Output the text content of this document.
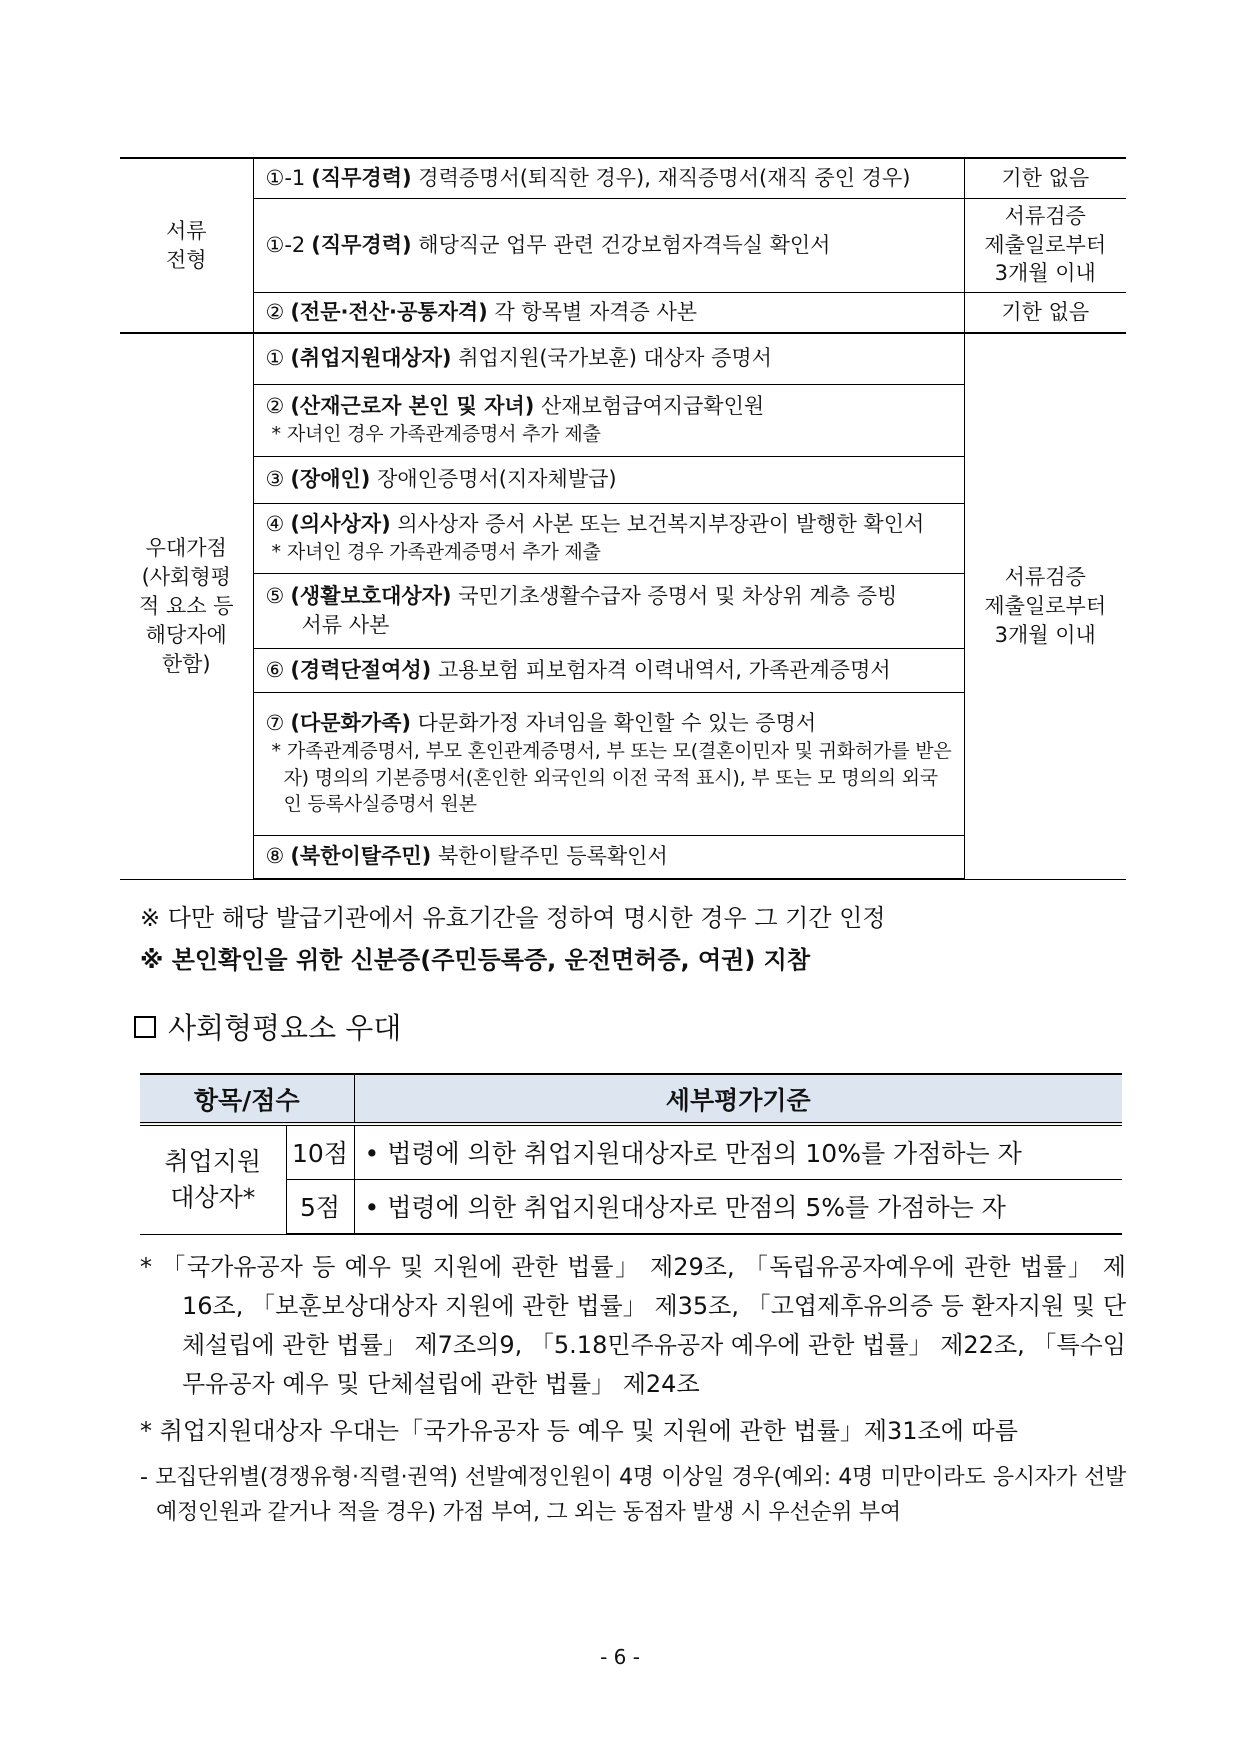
서류
전형	①-1 (직무경력) 경력증명서(퇴직한 경우), 재직증명서(재직 중인 경우)	기한 없음
	①-2 (직무경력) 해당직군 업무 관련 건강보험자격득실 확인서	서류검증
제출일로부터
3개월 이내
	② (전문·전산·공통자격) 각 항목별 자격증 사본	기한 없음
우대가점
(사회형평
적 요소 등
해당자에
한함)	① (취업지원대상자) 취업지원(국가보훈) 대상자 증명서	서류검증
제출일로부터
3개월 이내
	② (산재근로자 본인 및 자녀) 산재보험급여지급확인원
* 자녀인 경우 가족관계증명서 추가 제출	

	③ (장애인) 장애인증명서(지자체발급)	
	④ (의사상자) 의사상자 증서 사본 또는 보건복지부장관이 발행한 확인서
* 자녀인 경우 가족관계증명서 추가 제출	

	⑤ (생활보호대상자) 국민기초생활수급자 증명서 및 차상위 계층 증빙
서류 사본	

	⑥ (경력단절여성) 고용보험 피보험자격 이력내역서, 가족관계증명서	
	⑦ (다문화가족) 다문화가정 자녀임을 확인할 수 있는 증명서
* 가족관계증명서, 부모 혼인관계증명서, 부 또는 모(결혼이민자 및 귀화허가를 받은 자) 명의의 기본증명서(혼인한 외국인의 이전 국적 표시), 부 또는 모 명의의 외국인 등록사실증명서 원본	

	⑧ (북한이탈주민) 북한이탈주민 등록확인서	
※ 다만 해당 발급기관에서 유효기간을 정하여 명시한 경우 그 기간 인정
※ 본인확인을 위한 신분증(주민등록증, 운전면허증, 여권) 지참
사회형평요소 우대
항목/점수		세부평가기준
취업지원
대상자*	10점	• 법령에 의한 취업지원대상자로 만점의 10%를 가점하는 자
	5점	• 법령에 의한 취업지원대상자로 만점의 5%를 가점하는 자
* 「국가유공자 등 예우 및 지원에 관한 법률」 제29조, 「독립유공자예우에 관한 법률」 제16조, 「보훈보상대상자 지원에 관한 법률」 제35조, 「고엽제후유의증 등 환자지원 및 단체설립에 관한 법률」 제7조의9, 「5.18민주유공자 예우에 관한 법률」 제22조, 「특수임무유공자 예우 및 단체설립에 관한 법률」 제24조
* 취업지원대상자 우대는「국가유공자 등 예우 및 지원에 관한 법률」제31조에 따름
- 모집단위별(경쟁유형·직렬·권역) 선발예정인원이 4명 이상일 경우(예외: 4명 미만이라도 응시자가 선발예정인원과 같거나 적을 경우) 가점 부여, 그 외는 동점자 발생 시 우선순위 부여
- 6 -
